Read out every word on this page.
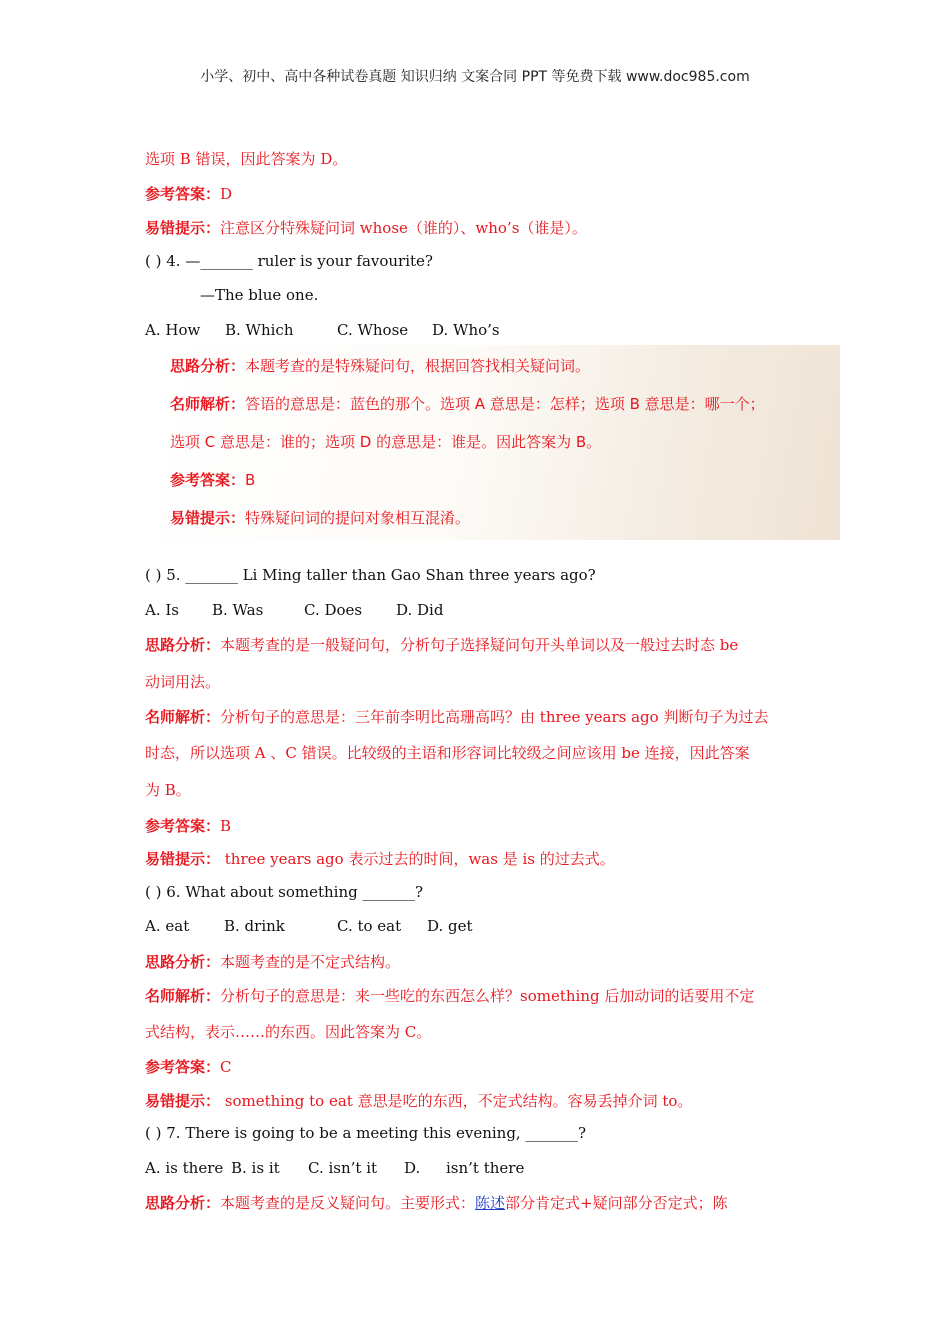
小学、初中、高中各种试卷真题 知识归纳 文案合同 PPT 等免费下载 www.doc985.com
选项 B 错误，因此答案为 D。
参考答案：D
易错提示：注意区分特殊疑问词 whose（谁的）、who’s（谁是）。
( ) 4. —_______ ruler is your favourite?
—The blue one.
A. How B. Which	C. Whose D. Who’s
思路分析：本题考查的是特殊疑问句，根据回答找相关疑问词。
名师解析：答语的意思是：蓝色的那个。选项 A 意思是：怎样；选项 B 意思是：哪一个；
选项 C 意思是：谁的；选项 D 的意思是：谁是。因此答案为 B。
参考答案：B
易错提示：特殊疑问词的提问对象相互混淆。
( ) 5. _______ Li Ming taller than Gao Shan three years ago?
A. Is B. Was	C. Does D. Did
思路分析：本题考查的是一般疑问句，分析句子选择疑问句开头单词以及一般过去时态 be
动词用法。
名师解析：分析句子的意思是：三年前李明比高珊高吗？由 three years ago 判断句子为过去
时态，所以选项 A 、C 错误。比较级的主语和形容词比较级之间应该用 be 连接，因此答案
为 B。
参考答案：B
易错提示： three years ago 表示过去的时间，was 是 is 的过去式。
( ) 6. What about something _______?
A. eat B. drink	C. to eat D. get
思路分析：本题考查的是不定式结构。
名师解析：分析句子的意思是：来一些吃的东西怎么样？something 后加动词的话要用不定
式结构，表示……的东西。因此答案为 C。
参考答案：C
易错提示： something to eat 意思是吃的东西，不定式结构。容易丢掉介词 to。
( ) 7. There is going to be a meeting this evening, _______?
A. is there B. is it C. isn’t it D. isn’t there
思路分析：本题考查的是反义疑问句。主要形式：陈述部分肯定式+疑问部分否定式；陈
